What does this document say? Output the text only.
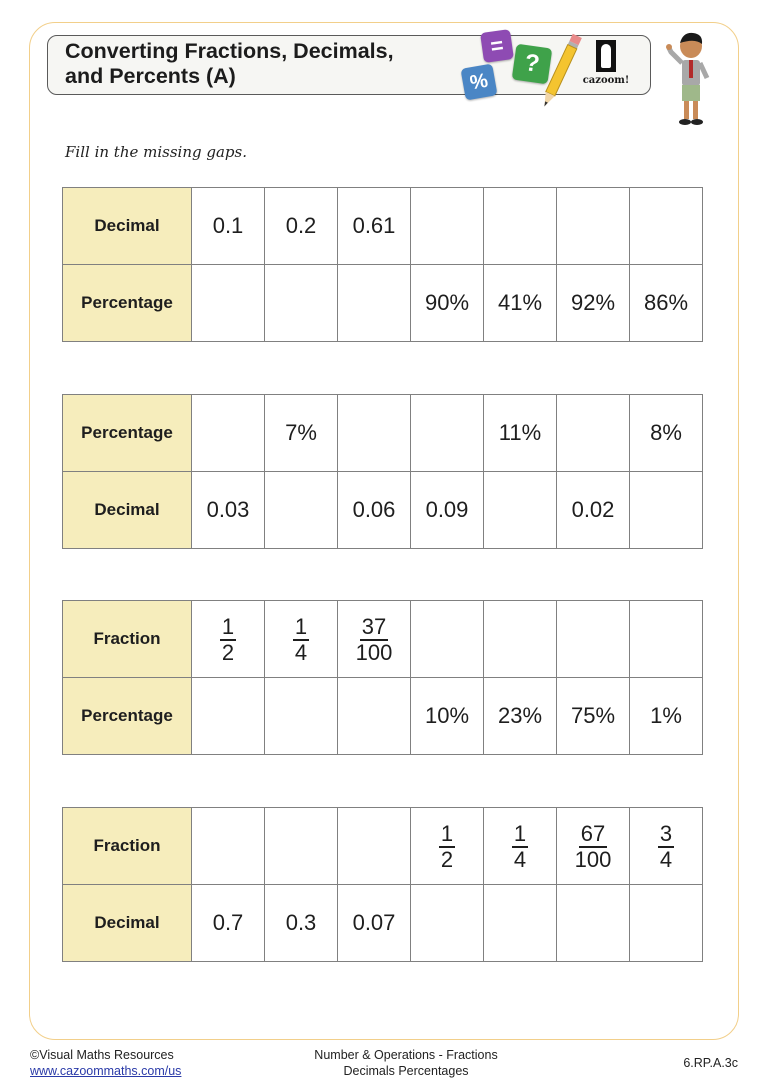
Converting Fractions, Decimals,
and Percents (A)
=
%
?
cazoom!
Fill in the missing gaps.
Decimal	0.1	0.2	0.61				
Percentage				90%	41%	92%	86%
Percentage		7%			11%		8%
Decimal	0.03		0.06	0.09		0.02	
Fraction	$\frac{1}{2}$	$\frac{1}{4}$	$\frac{37}{100}$

Percentage				10%	23%	75%	1%
Fraction				$\frac{1}{2}$	$\frac{1}{4}$	$\frac{67}{100}$	$\frac{3}{4}$

Decimal	0.7	0.3	0.07				
©Visual Maths Resources
www.cazoommaths.com/us
Number & Operations - Fractions
Decimals Percentages
6.RP.A.3c
